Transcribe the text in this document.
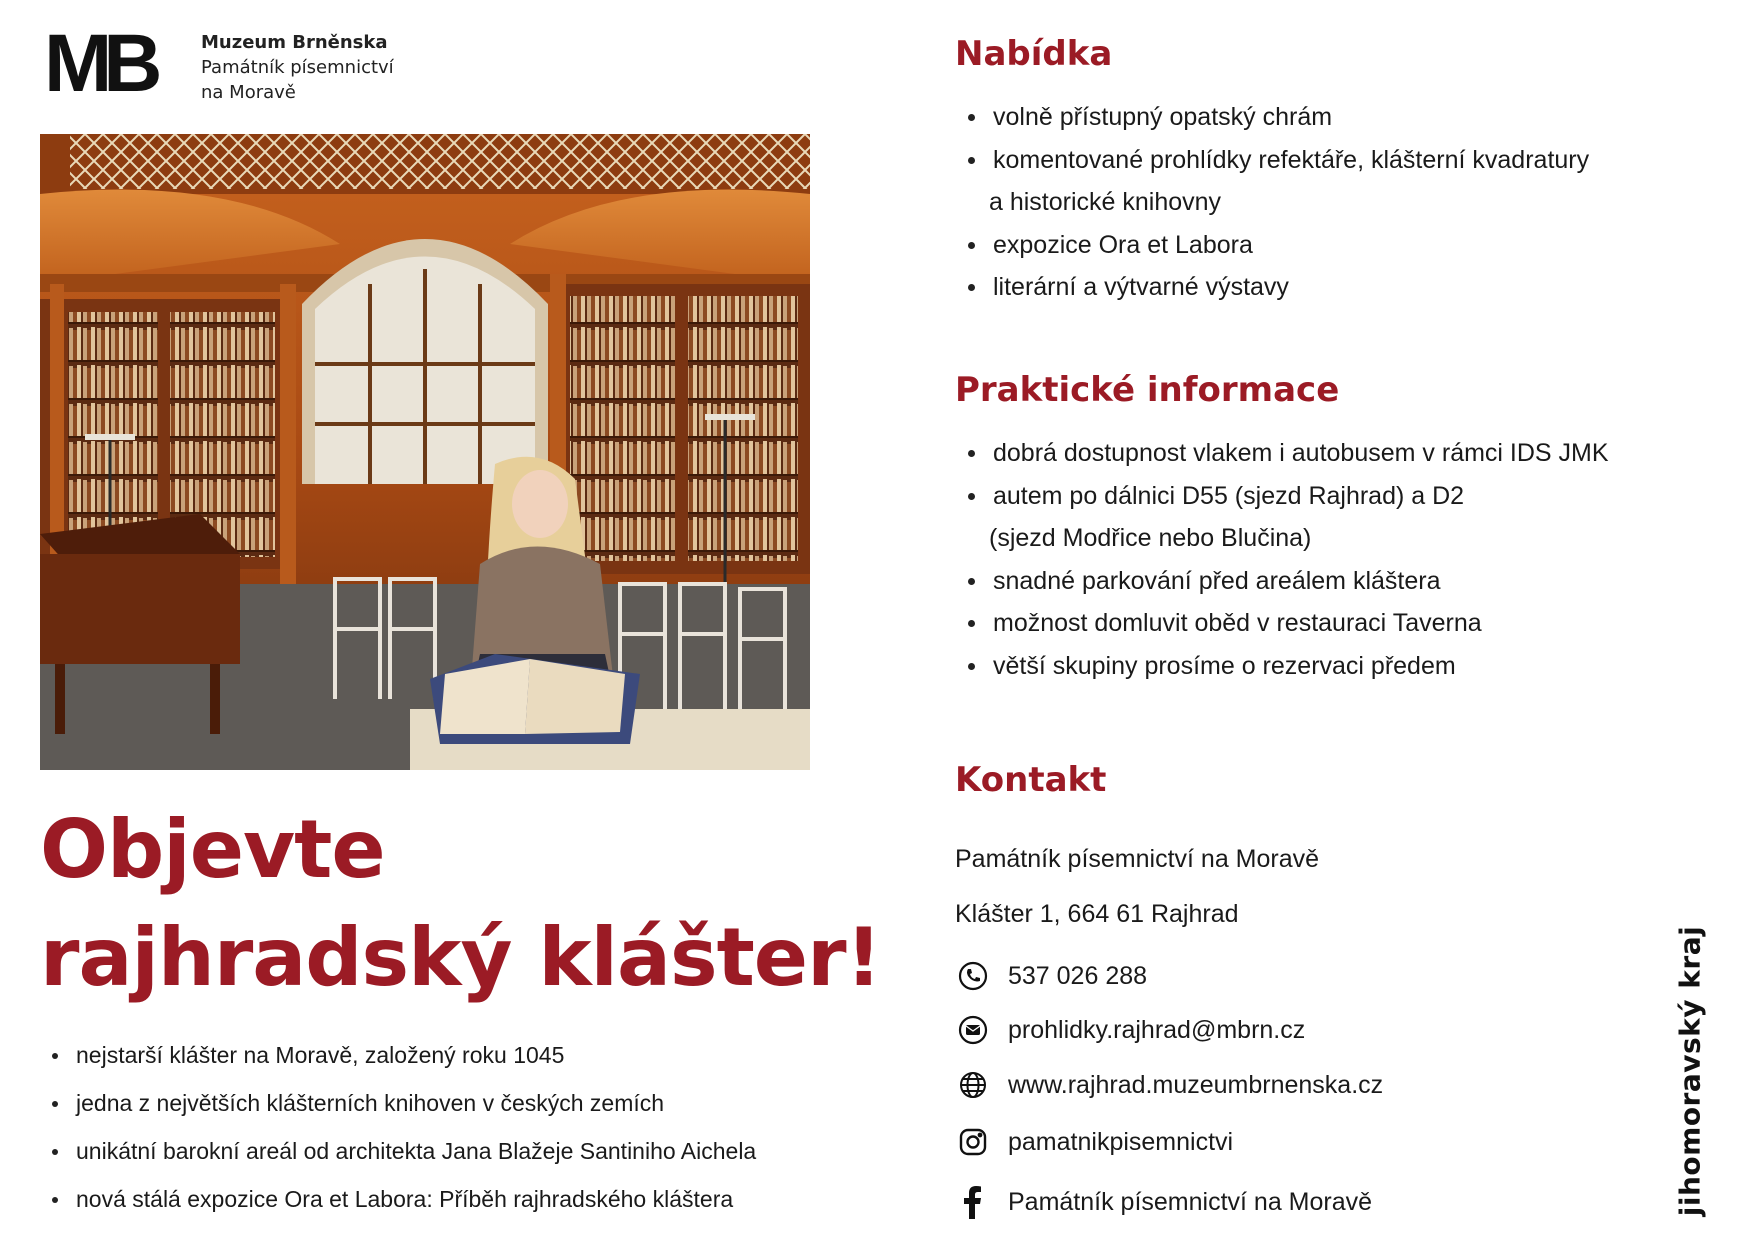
MB	Muzeum Brněnska
Památník písemnictví
na Moravě
Objevte
rajhradský klášter!
nejstarší klášter na Moravě, založený roku 1045
jedna z největších klášterních knihoven v českých zemích
unikátní barokní areál od architekta Jana Blažeje Santiniho Aichela
nová stálá expozice Ora et Labora: Příběh rajhradského kláštera
Nabídka
volně přístupný opatský chrám
komentované prohlídky refektáře, klášterní kvadratury
a historické knihovny
expozice Ora et Labora
literární a výtvarné výstavy
Praktické informace
dobrá dostupnost vlakem i autobusem v rámci IDS JMK
autem po dálnici D55 (sjezd Rajhrad) a D2
(sjezd Modřice nebo Blučina)
snadné parkování před areálem kláštera
možnost domluvit oběd v restauraci Taverna
větší skupiny prosíme o rezervaci předem
Kontakt
Památník písemnictví na Moravě
Klášter 1, 664 61 Rajhrad
537 026 288
prohlidky.rajhrad@mbrn.cz
www.rajhrad.muzeumbrnenska.cz
pamatnikpisemnictvi
Památník písemnictví na Moravě	jihomoravský kraj
